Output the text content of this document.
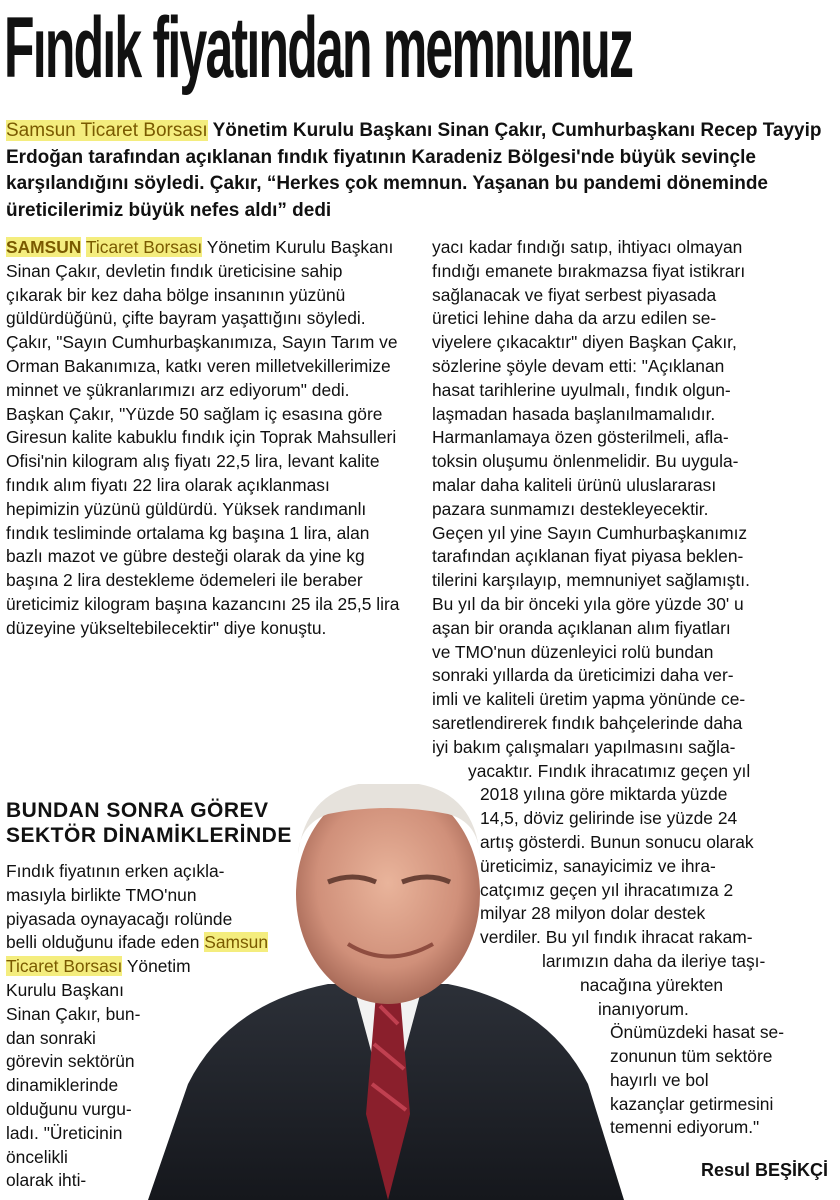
Fındık fiyatından memnunuz
Samsun Ticaret Borsası Yönetim Kurulu Başkanı Sinan Çakır, Cumhurbaşkanı Recep Tayyip Erdoğan tarafından açıklanan fındık fiyatının Karadeniz Bölgesi'nde büyük sevinçle karşılandığını söyledi. Çakır, “Herkes çok memnun. Yaşanan bu pandemi döneminde üreticilerimiz büyük nefes aldı” dedi

SAMSUN Ticaret Borsası Yönetim Kurulu Başkanı Sinan Çakır, devletin fındık üreticisine sahip çıkarak bir kez daha bölge insanının yüzünü güldürdüğünü, çifte bayram yaşattığını söyledi. Çakır, "Sayın Cumhurbaşkanımıza, Sayın Tarım ve Orman Bakanımıza, katkı veren milletvekillerimize minnet ve şükranlarımızı arz ediyorum" dedi. Başkan Çakır, "Yüzde 50 sağlam iç esasına göre Giresun kalite kabuklu fındık için Toprak Mahsulleri Ofisi'nin kilogram alış fiyatı 22,5 lira, levant kalite fındık alım fiyatı 22 lira olarak açıklanması hepimizin yüzünü güldürdü. Yüksek randımanlı fındık tesliminde ortalama kg başına 1 lira, alan bazlı mazot ve gübre desteği olarak da yine kg başına 2 lira destekleme ödemeleri ile beraber üreticimiz kilogram başına kazancını 25 ila 25,5 lira düzeyine yükseltebilecektir" diye konuştu.

BUNDAN SONRA GÖREV SEKTÖR DİNAMİKLERİNDE
Fındık fiyatının erken açıkla-
masıyla birlikte TMO'nun
piyasada oynayacağı rolünde
belli olduğunu ifade eden Samsun
Ticaret Borsası Yönetim
Kurulu Başkanı
Sinan Çakır, bun-
dan sonraki
görevin sektörün
dinamiklerinde
olduğunu vurgu-
ladı. "Üreticinin
öncelikli
olarak ihti-
yacı kadar fındığı satıp, ihtiyacı olmayan
fındığı emanete bırakmazsa fiyat istikrarı
sağlanacak ve fiyat serbest piyasada
üretici lehine daha da arzu edilen se-
viyelere çıkacaktır" diyen Başkan Çakır,
sözlerine şöyle devam etti: "Açıklanan
hasat tarihlerine uyulmalı, fındık olgun-
laşmadan hasada başlanılmamalıdır.
Harmanlamaya özen gösterilmeli, afla-
toksin oluşumu önlenmelidir. Bu uygula-
malar daha kaliteli ürünü uluslararası
pazara sunmamızı destekleyecektir.
Geçen yıl yine Sayın Cumhurbaşkanımız
tarafından açıklanan fiyat piyasa beklen-
tilerini karşılayıp, memnuniyet sağlamıştı.
Bu yıl da bir önceki yıla göre yüzde 30' u
aşan bir oranda açıklanan alım fiyatları
ve TMO'nun düzenleyici rolü bundan
sonraki yıllarda da üreticimizi daha ver-
imli ve kaliteli üretim yapma yönünde ce-
saretlendirerek fındık bahçelerinde daha
iyi bakım çalışmaları yapılmasını sağla-
yacaktır. Fındık ihracatımız geçen yıl
2018 yılına göre miktarda yüzde
14,5, döviz gelirinde ise yüzde 24
artış gösterdi. Bunun sonucu olarak
üreticimiz, sanayicimiz ve ihra-
catçımız geçen yıl ihracatımıza 2
milyar 28 milyon dolar destek
verdiler. Bu yıl fındık ihracat rakam-
larımızın daha da ileriye taşı-
nacağına yürekten
inanıyorum.
Önümüzdeki hasat se-
zonunun tüm sektöre
hayırlı ve bol
kazançlar getirmesini
temenni ediyorum."
Resul BEŞİKÇİ
